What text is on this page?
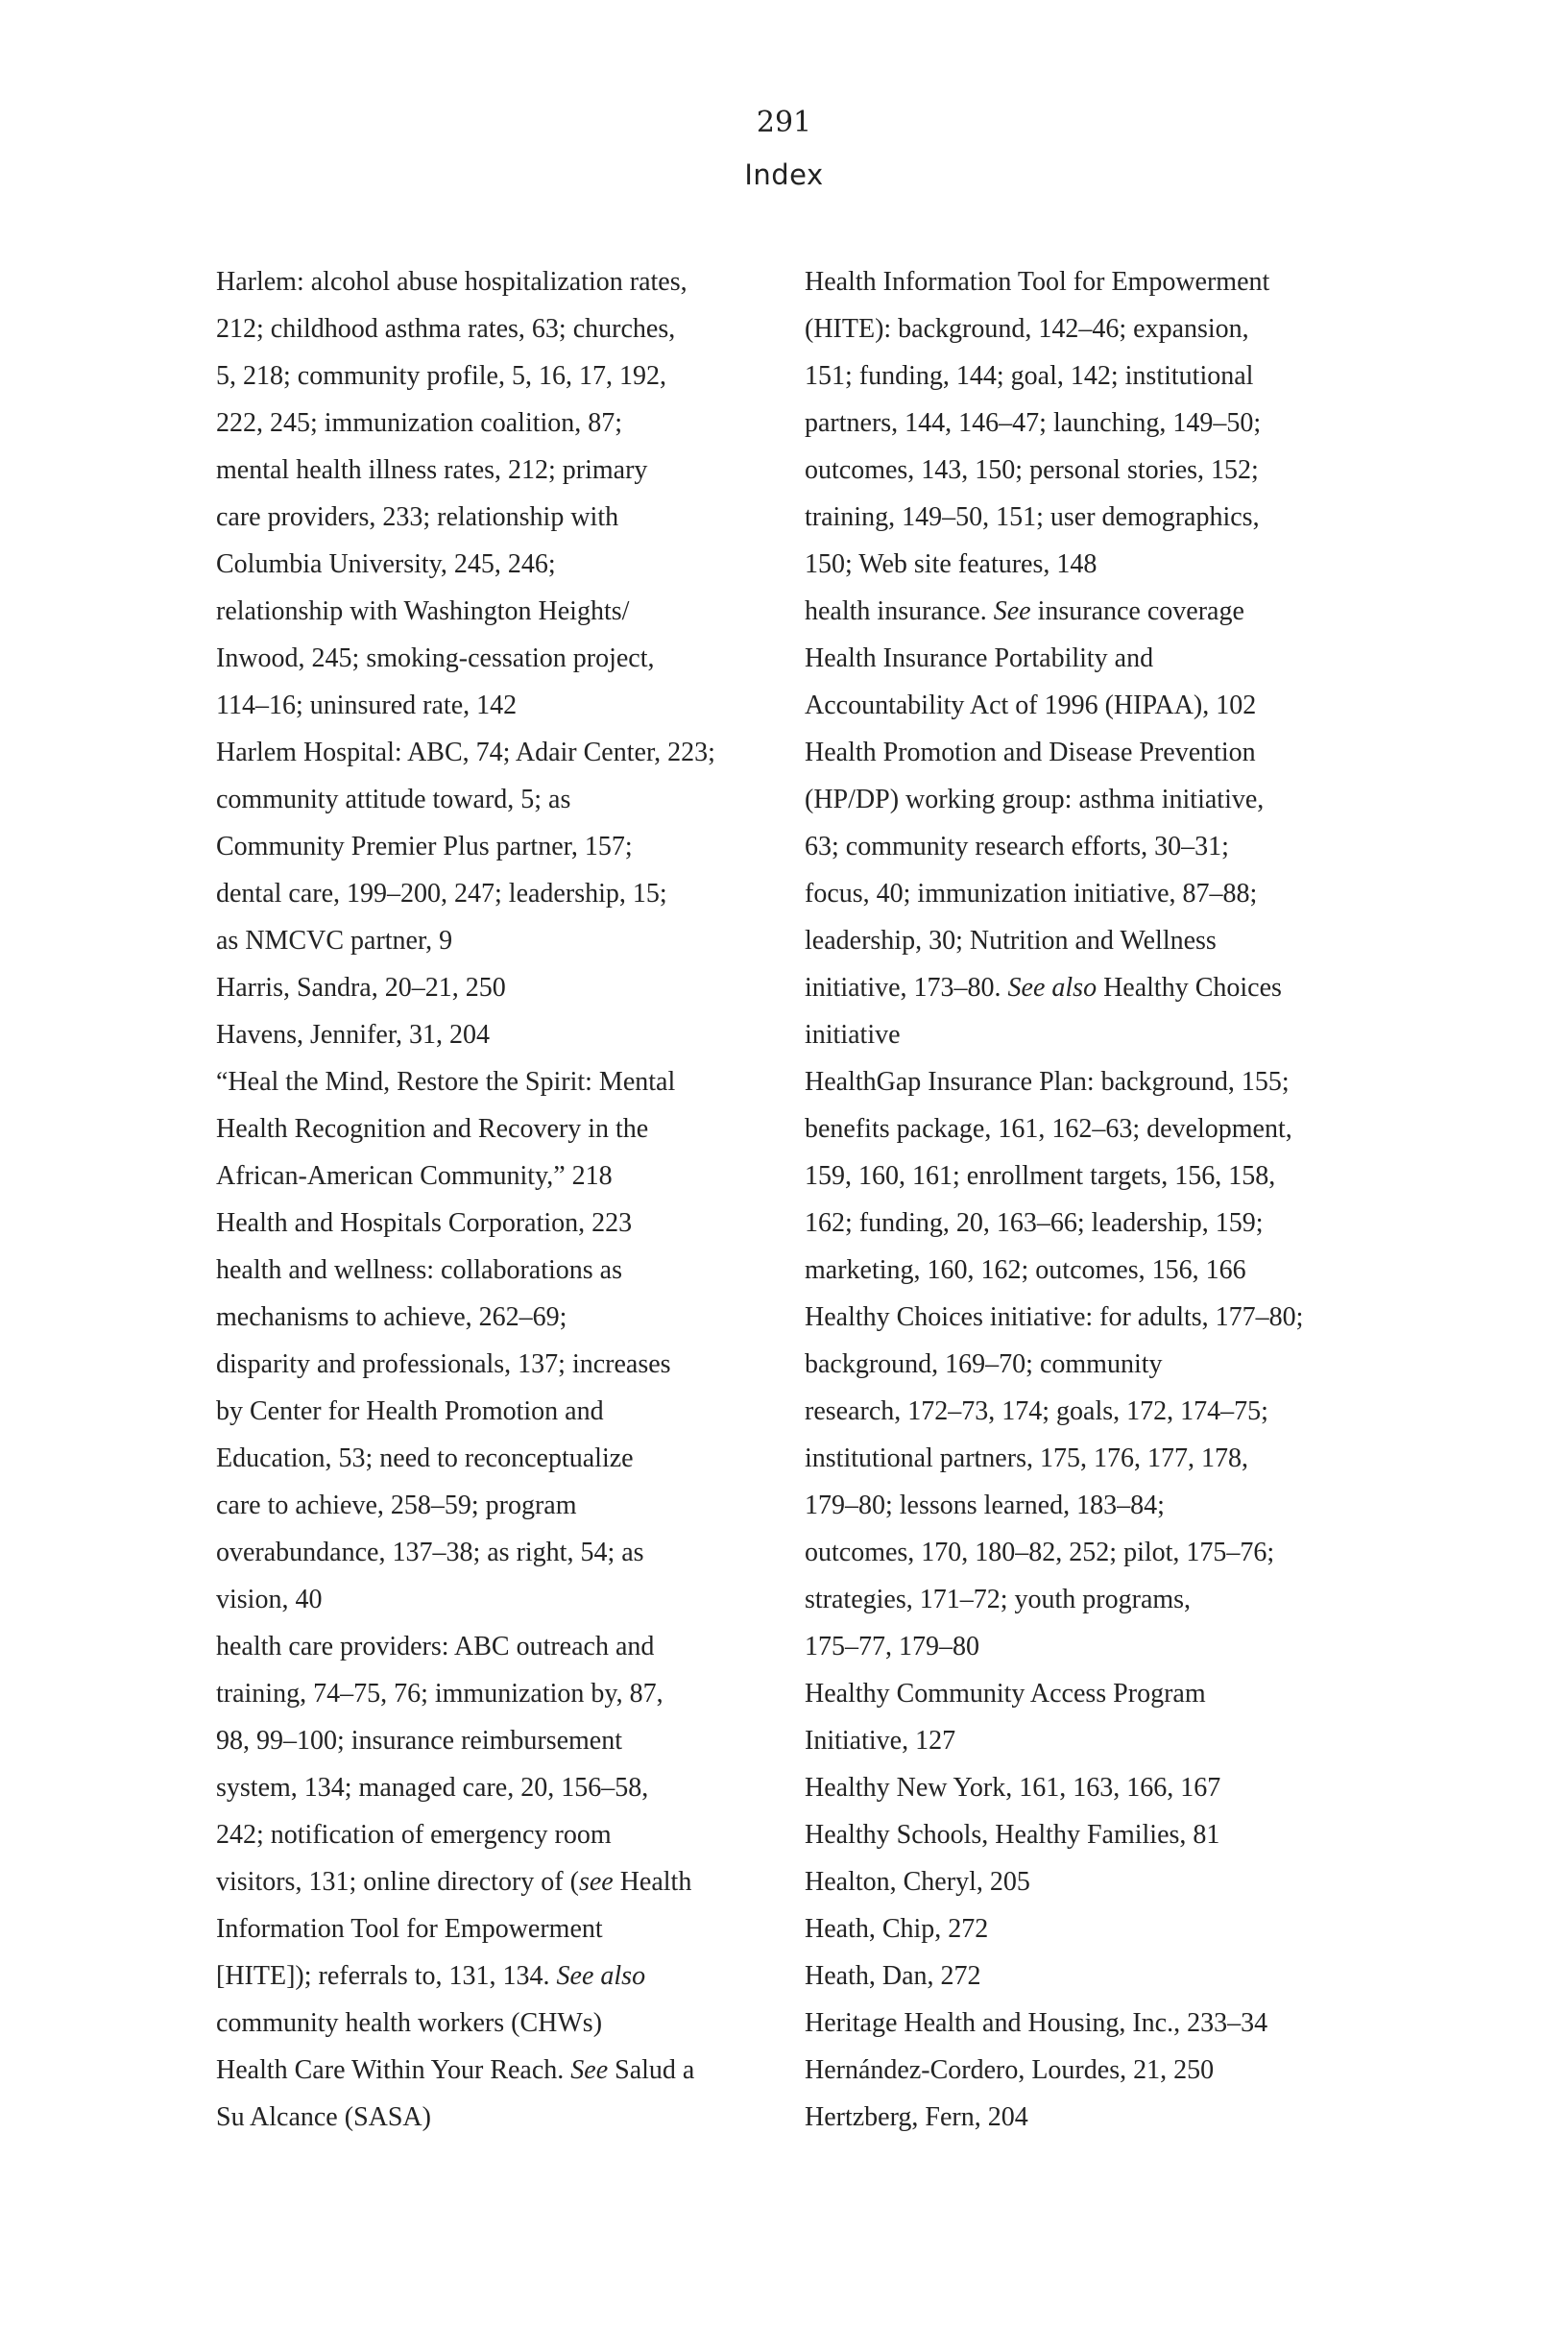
291
Index
Harlem: alcohol abuse hospitalization rates,
212; childhood asthma rates, 63; churches,
5, 218; community profile, 5, 16, 17, 192,
222, 245; immunization coalition, 87;
mental health illness rates, 212; primary
care providers, 233; relationship with
Columbia University, 245, 246;
relationship with Washington Heights/
Inwood, 245; smoking-cessation project,
114–16; uninsured rate, 142
Harlem Hospital: ABC, 74; Adair Center, 223;
community attitude toward, 5; as
Community Premier Plus partner, 157;
dental care, 199–200, 247; leadership, 15;
as NMCVC partner, 9
Harris, Sandra, 20–21, 250
Havens, Jennifer, 31, 204
“Heal the Mind, Restore the Spirit: Mental
Health Recognition and Recovery in the
African-American Community,” 218
Health and Hospitals Corporation, 223
health and wellness: collaborations as
mechanisms to achieve, 262–69;
disparity and professionals, 137; increases
by Center for Health Promotion and
Education, 53; need to reconceptualize
care to achieve, 258–59; program
overabundance, 137–38; as right, 54; as
vision, 40
health care providers: ABC outreach and
training, 74–75, 76; immunization by, 87,
98, 99–100; insurance reimbursement
system, 134; managed care, 20, 156–58,
242; notification of emergency room
visitors, 131; online directory of (see Health
Information Tool for Empowerment
[HITE]); referrals to, 131, 134. See also
community health workers (CHWs)
Health Care Within Your Reach. See Salud a
Su Alcance (SASA)
Health Information Tool for Empowerment
(HITE): background, 142–46; expansion,
151; funding, 144; goal, 142; institutional
partners, 144, 146–47; launching, 149–50;
outcomes, 143, 150; personal stories, 152;
training, 149–50, 151; user demographics,
150; Web site features, 148
health insurance. See insurance coverage
Health Insurance Portability and
Accountability Act of 1996 (HIPAA), 102
Health Promotion and Disease Prevention
(HP/DP) working group: asthma initiative,
63; community research efforts, 30–31;
focus, 40; immunization initiative, 87–88;
leadership, 30; Nutrition and Wellness
initiative, 173–80. See also Healthy Choices
initiative
HealthGap Insurance Plan: background, 155;
benefits package, 161, 162–63; development,
159, 160, 161; enrollment targets, 156, 158,
162; funding, 20, 163–66; leadership, 159;
marketing, 160, 162; outcomes, 156, 166
Healthy Choices initiative: for adults, 177–80;
background, 169–70; community
research, 172–73, 174; goals, 172, 174–75;
institutional partners, 175, 176, 177, 178,
179–80; lessons learned, 183–84;
outcomes, 170, 180–82, 252; pilot, 175–76;
strategies, 171–72; youth programs,
175–77, 179–80
Healthy Community Access Program
Initiative, 127
Healthy New York, 161, 163, 166, 167
Healthy Schools, Healthy Families, 81
Healton, Cheryl, 205
Heath, Chip, 272
Heath, Dan, 272
Heritage Health and Housing, Inc., 233–34
Hernández-Cordero, Lourdes, 21, 250
Hertzberg, Fern, 204
